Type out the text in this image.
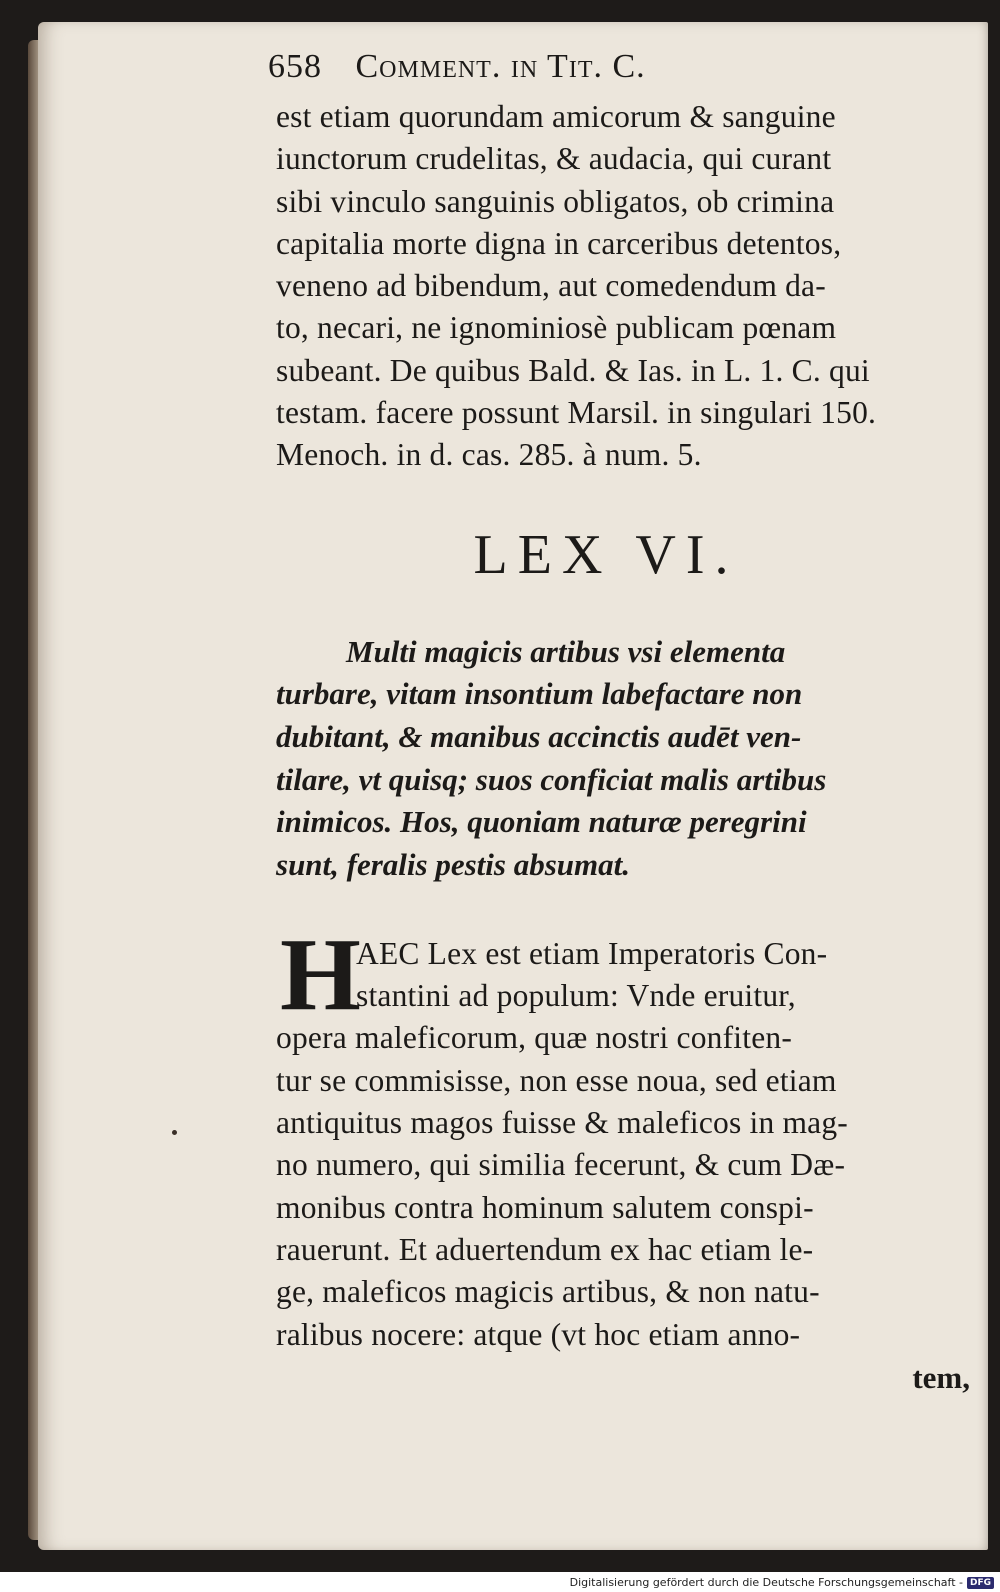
658 Comment. in Tit. C.
est etiam quorundam amicorum & sanguine
iunctorum crudelitas, & audacia, qui curant
sibi vinculo sanguinis obligatos, ob crimina
capitalia morte digna in carceribus detentos,
veneno ad bibendum, aut comedendum da-
to, necari, ne ignominiosè publicam pœnam
subeant. De quibus Bald. & Ias. in L. 1. C. qui
testam. facere possunt Marsil. in singulari 150.
Menoch. in d. cas. 285. à num. 5.
LEX VI.
Multi magicis artibus vsi elementa
turbare, vitam insontium labefactare non
dubitant, & manibus accinctis audēt ven-
tilare, vt quisq; suos conficiat malis artibus
inimicos. Hos, quoniam naturæ peregrini
sunt, feralis pestis absumat.
H
AEC Lex est etiam Imperatoris Con-
stantini ad populum: Vnde eruitur,
opera maleficorum, quæ nostri confiten-
tur se commisisse, non esse noua, sed etiam
antiquitus magos fuisse & maleficos in mag-
no numero, qui similia fecerunt, & cum Dæ-
monibus contra hominum salutem conspi-
rauerunt. Et aduertendum ex hac etiam le-
ge, maleficos magicis artibus, & non natu-
ralibus nocere: atque (vt hoc etiam anno-
tem,
Digitalisierung gefördert durch die Deutsche Forschungsgemeinschaft - DFG
